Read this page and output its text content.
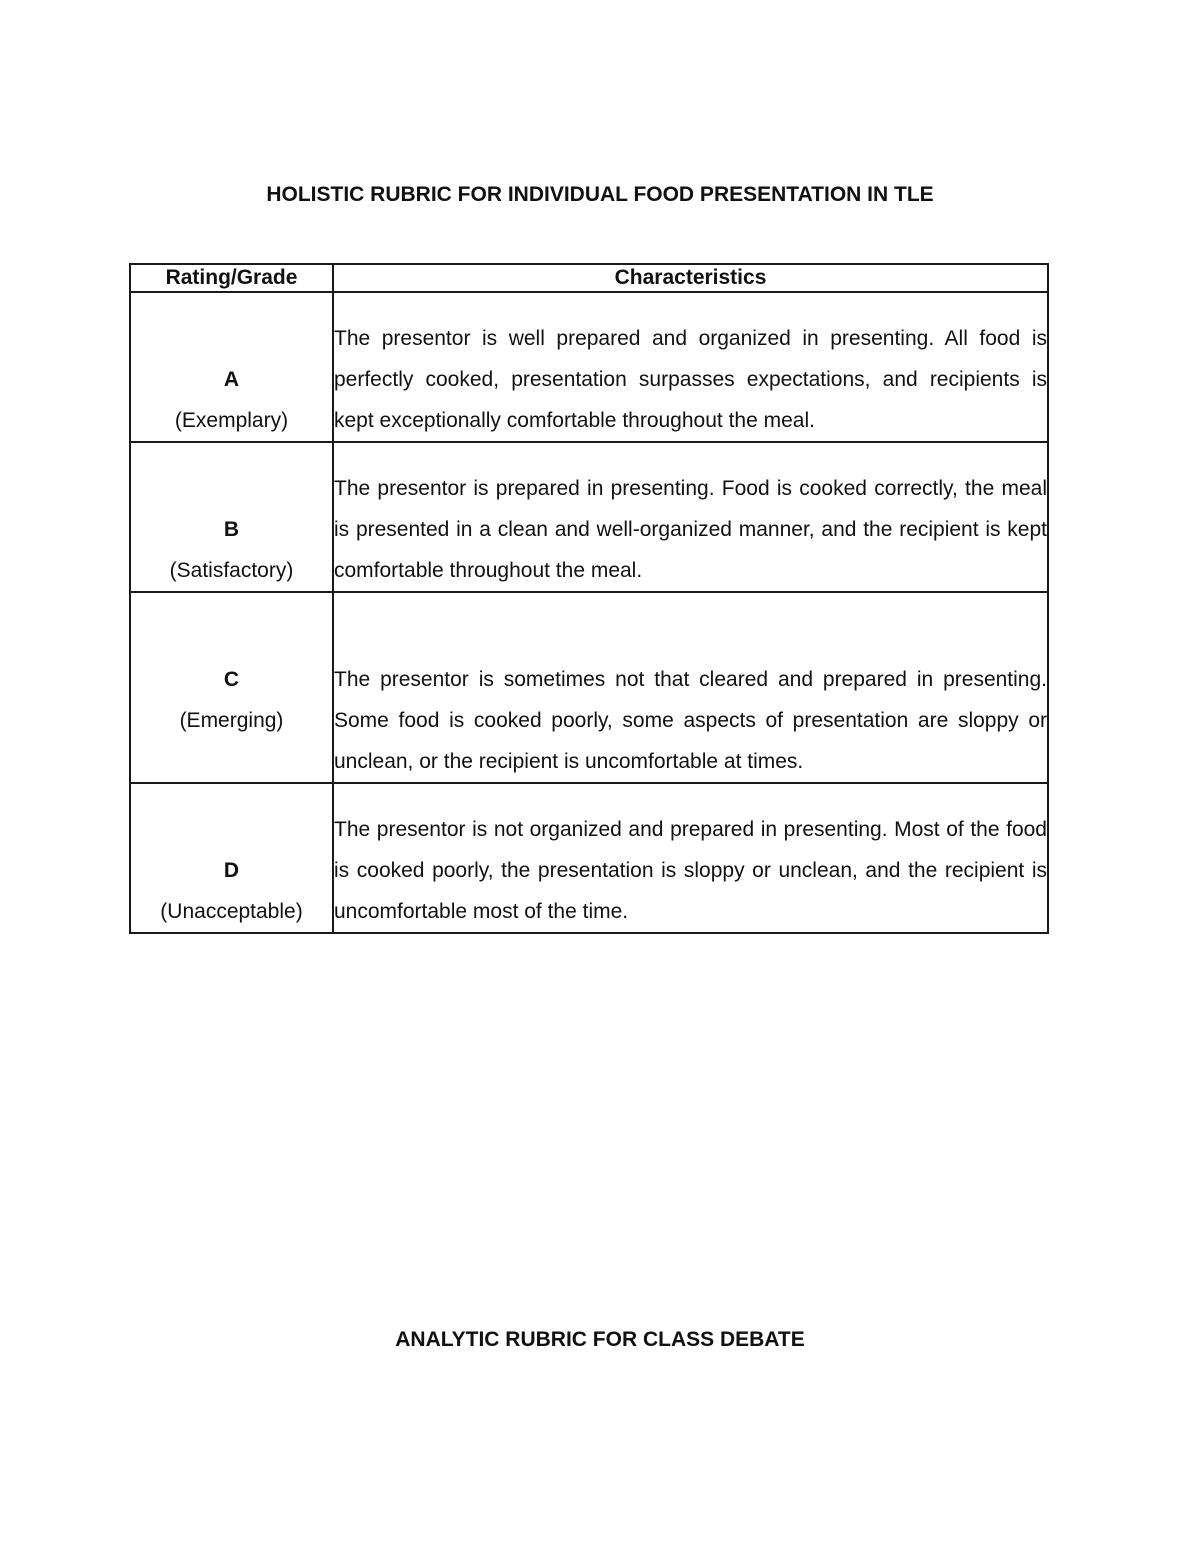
HOLISTIC RUBRIC FOR INDIVIDUAL FOOD PRESENTATION IN TLE
Rating/Grade	Characteristics

A
(Exemplary)	The presentor is well prepared and organized in presenting. All food is perfectly cooked, presentation surpasses expectations, and recipients is kept exceptionally comfortable throughout the meal.

B
(Satisfactory)	The presentor is prepared in presenting. Food is cooked correctly, the meal is presented in a clean and well-organized manner, and the recipient is kept comfortable throughout the meal.

C
(Emerging)	The presentor is sometimes not that cleared and prepared in presenting. Some food is cooked poorly, some aspects of presentation are sloppy or unclean, or the recipient is uncomfortable at times.

D
(Unacceptable)	The presentor is not organized and prepared in presenting. Most of the food is cooked poorly, the presentation is sloppy or unclean, and the recipient is uncomfortable most of the time.
ANALYTIC RUBRIC FOR CLASS DEBATE
